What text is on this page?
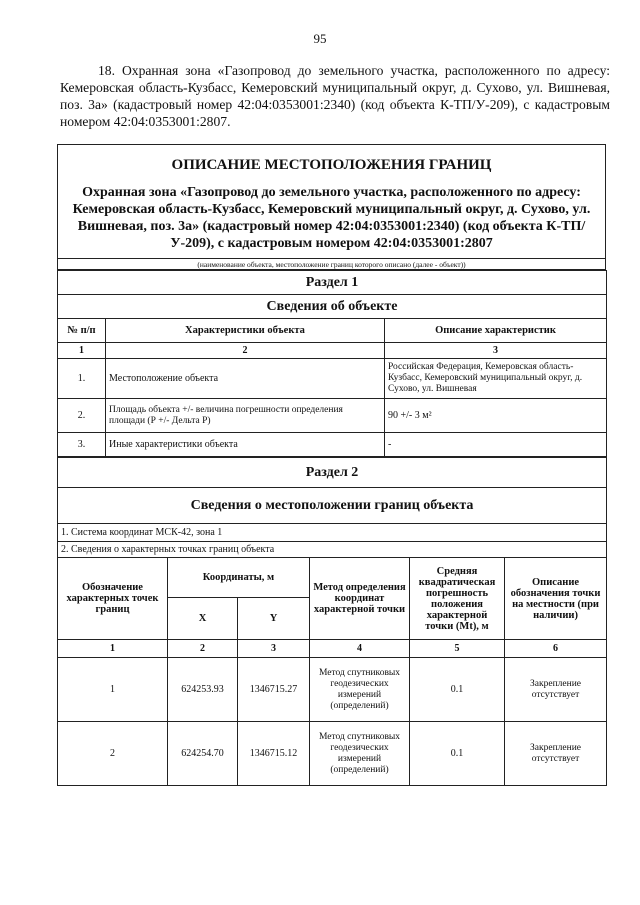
95
18. Охранная зона «Газопровод до земельного участка, расположенного по адресу: Кемеровская область-Кузбасс, Кемеровский муниципальный округ, д. Сухово, ул. Вишневая, поз. 3а» (кадастровый номер 42:04:0353001:2340) (код объекта К-ТП/У-209), с кадастровым номером 42:04:0353001:2807.
ОПИСАНИЕ МЕСТОПОЛОЖЕНИЯ ГРАНИЦ
Охранная зона «Газопровод до земельного участка, расположенного по адресу: Кемеровская область-Кузбасс, Кемеровский муниципальный округ, д. Сухово, ул. Вишневая, поз. 3а» (кадастровый номер 42:04:0353001:2340) (код объекта К-ТП/У-209), с кадастровым номером 42:04:0353001:2807

(наименование объекта, местоположение границ которого описано (далее - объект))
Раздел 1		
Сведения об объекте		
№ п/п	Характеристики объекта	Описание характеристик
1	2	3
1.	Местоположение объекта	Российская Федерация, Кемеровская область-Кузбасс, Кемеровский муниципальный округ, д. Сухово, ул. Вишневая
2.	Площадь объекта +/- величина погрешности определения площади (Р +/- Дельта Р)	90 +/- 3 м²
3.	Иные характеристики объекта	-
Раздел 2					
Сведения о местоположении границ объекта					
1. Система координат МСК-42, зона 1					
2. Сведения о характерных точках границ объекта					
Обозначение характерных точек границ	Координаты, м		Метод определения координат характерной точки	Средняя квадратическая погрешность положения характерной точки (Mt), м	Описание обозначения точки на местности (при наличии)
	X	Y			
1	2	3	4	5	6
1	624253.93	1346715.27	Метод спутниковых геодезических измерений (определений)	0.1	Закрепление отсутствует
2	624254.70	1346715.12	Метод спутниковых геодезических измерений (определений)	0.1	Закрепление отсутствует
